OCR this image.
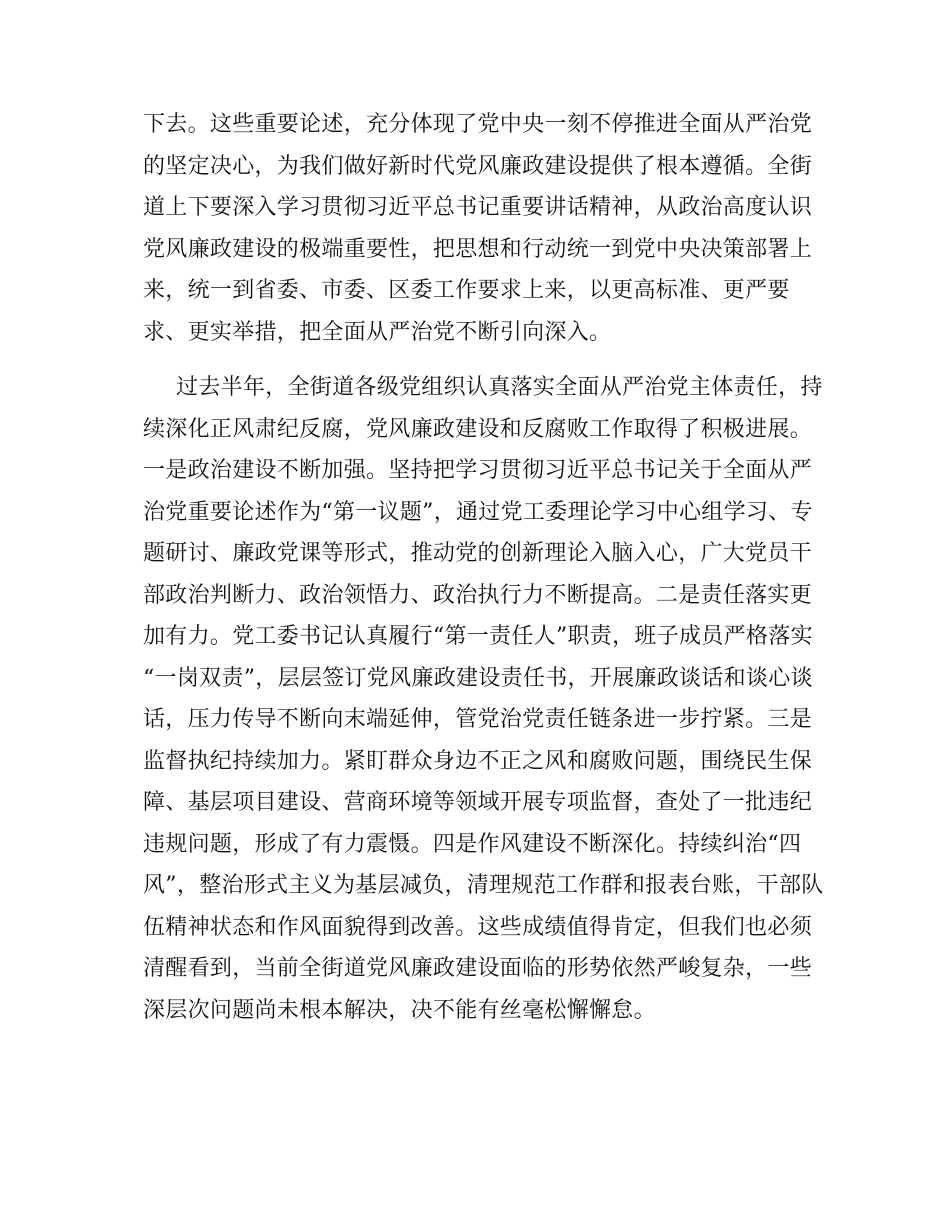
下去。这些重要论述，充分体现了党中央一刻不停推进全面从严治党
的坚定决心，为我们做好新时代党风廉政建设提供了根本遵循。全街
道上下要深入学习贯彻习近平总书记重要讲话精神，从政治高度认识
党风廉政建设的极端重要性，把思想和行动统一到党中央决策部署上
来，统一到省委、市委、区委工作要求上来，以更高标准、更严要
求、更实举措，把全面从严治党不断引向深入。
过去半年，全街道各级党组织认真落实全面从严治党主体责任，持
续深化正风肃纪反腐，党风廉政建设和反腐败工作取得了积极进展。
一是政治建设不断加强。坚持把学习贯彻习近平总书记关于全面从严
治党重要论述作为“第一议题”，通过党工委理论学习中心组学习、专
题研讨、廉政党课等形式，推动党的创新理论入脑入心，广大党员干
部政治判断力、政治领悟力、政治执行力不断提高。二是责任落实更
加有力。党工委书记认真履行“第一责任人”职责，班子成员严格落实
“一岗双责”，层层签订党风廉政建设责任书，开展廉政谈话和谈心谈
话，压力传导不断向末端延伸，管党治党责任链条进一步拧紧。三是
监督执纪持续加力。紧盯群众身边不正之风和腐败问题，围绕民生保
障、基层项目建设、营商环境等领域开展专项监督，查处了一批违纪
违规问题，形成了有力震慑。四是作风建设不断深化。持续纠治“四
风”，整治形式主义为基层减负，清理规范工作群和报表台账，干部队
伍精神状态和作风面貌得到改善。这些成绩值得肯定，但我们也必须
清醒看到，当前全街道党风廉政建设面临的形势依然严峻复杂，一些
深层次问题尚未根本解决，决不能有丝毫松懈懈怠。
